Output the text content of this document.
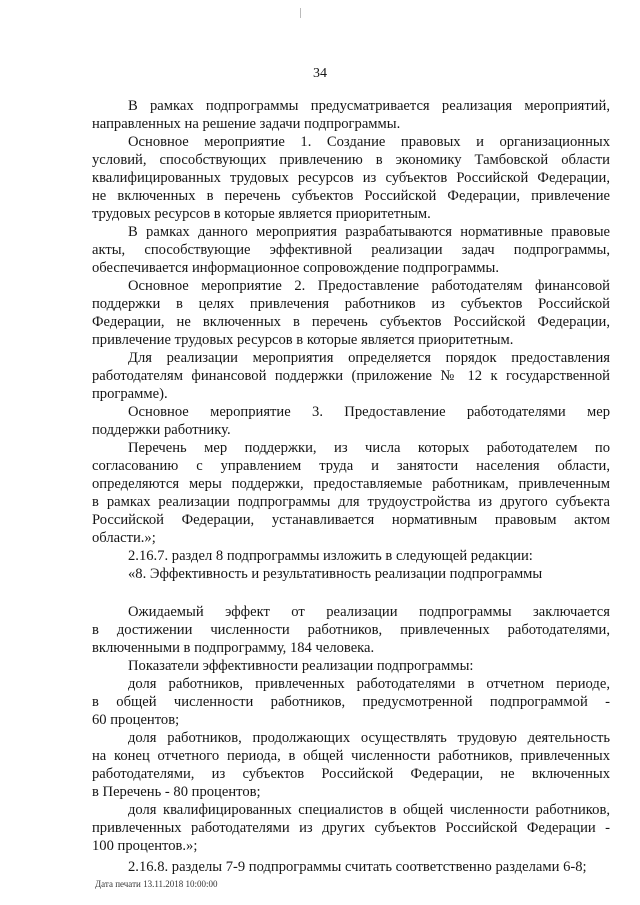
34
В рамках подпрограммы предусматривается реализация мероприятий,
направленных на решение задачи подпрограммы.
Основное мероприятие 1. Создание правовых и организационных
условий, способствующих привлечению в экономику Тамбовской области
квалифицированных трудовых ресурсов из субъектов Российской Федерации,
не включенных в перечень субъектов Российской Федерации, привлечение
трудовых ресурсов в которые является приоритетным.
В рамках данного мероприятия разрабатываются нормативные правовые
акты, способствующие эффективной реализации задач подпрограммы,
обеспечивается информационное сопровождение подпрограммы.
Основное мероприятие 2. Предоставление работодателям финансовой
поддержки в целях привлечения работников из субъектов Российской
Федерации, не включенных в перечень субъектов Российской Федерации,
привлечение трудовых ресурсов в которые является приоритетным.
Для реализации мероприятия определяется порядок предоставления
работодателям финансовой поддержки (приложение № 12 к государственной
программе).
Основное мероприятие 3. Предоставление работодателями мер
поддержки работнику.
Перечень мер поддержки, из числа которых работодателем по
согласованию с управлением труда и занятости населения области,
определяются меры поддержки, предоставляемые работникам, привлеченным
в рамках реализации подпрограммы для трудоустройства из другого субъекта
Российской Федерации, устанавливается нормативным правовым актом
области.»;
2.16.7. раздел 8 подпрограммы изложить в следующей редакции:
«8. Эффективность и результативность реализации подпрограммы
Ожидаемый эффект от реализации подпрограммы заключается
в достижении численности работников, привлеченных работодателями,
включенными в подпрограмму, 184 человека.
Показатели эффективности реализации подпрограммы:
доля работников, привлеченных работодателями в отчетном периоде,
в общей численности работников, предусмотренной подпрограммой -
60 процентов;
доля работников, продолжающих осуществлять трудовую деятельность
на конец отчетного периода, в общей численности работников, привлеченных
работодателями, из субъектов Российской Федерации, не включенных
в Перечень - 80 процентов;
доля квалифицированных специалистов в общей численности работников,
привлеченных работодателями из других субъектов Российской Федерации -
100 процентов.»;
2.16.8. разделы 7-9 подпрограммы считать соответственно разделами 6-8;
Дата печати 13.11.2018 10:00:00
